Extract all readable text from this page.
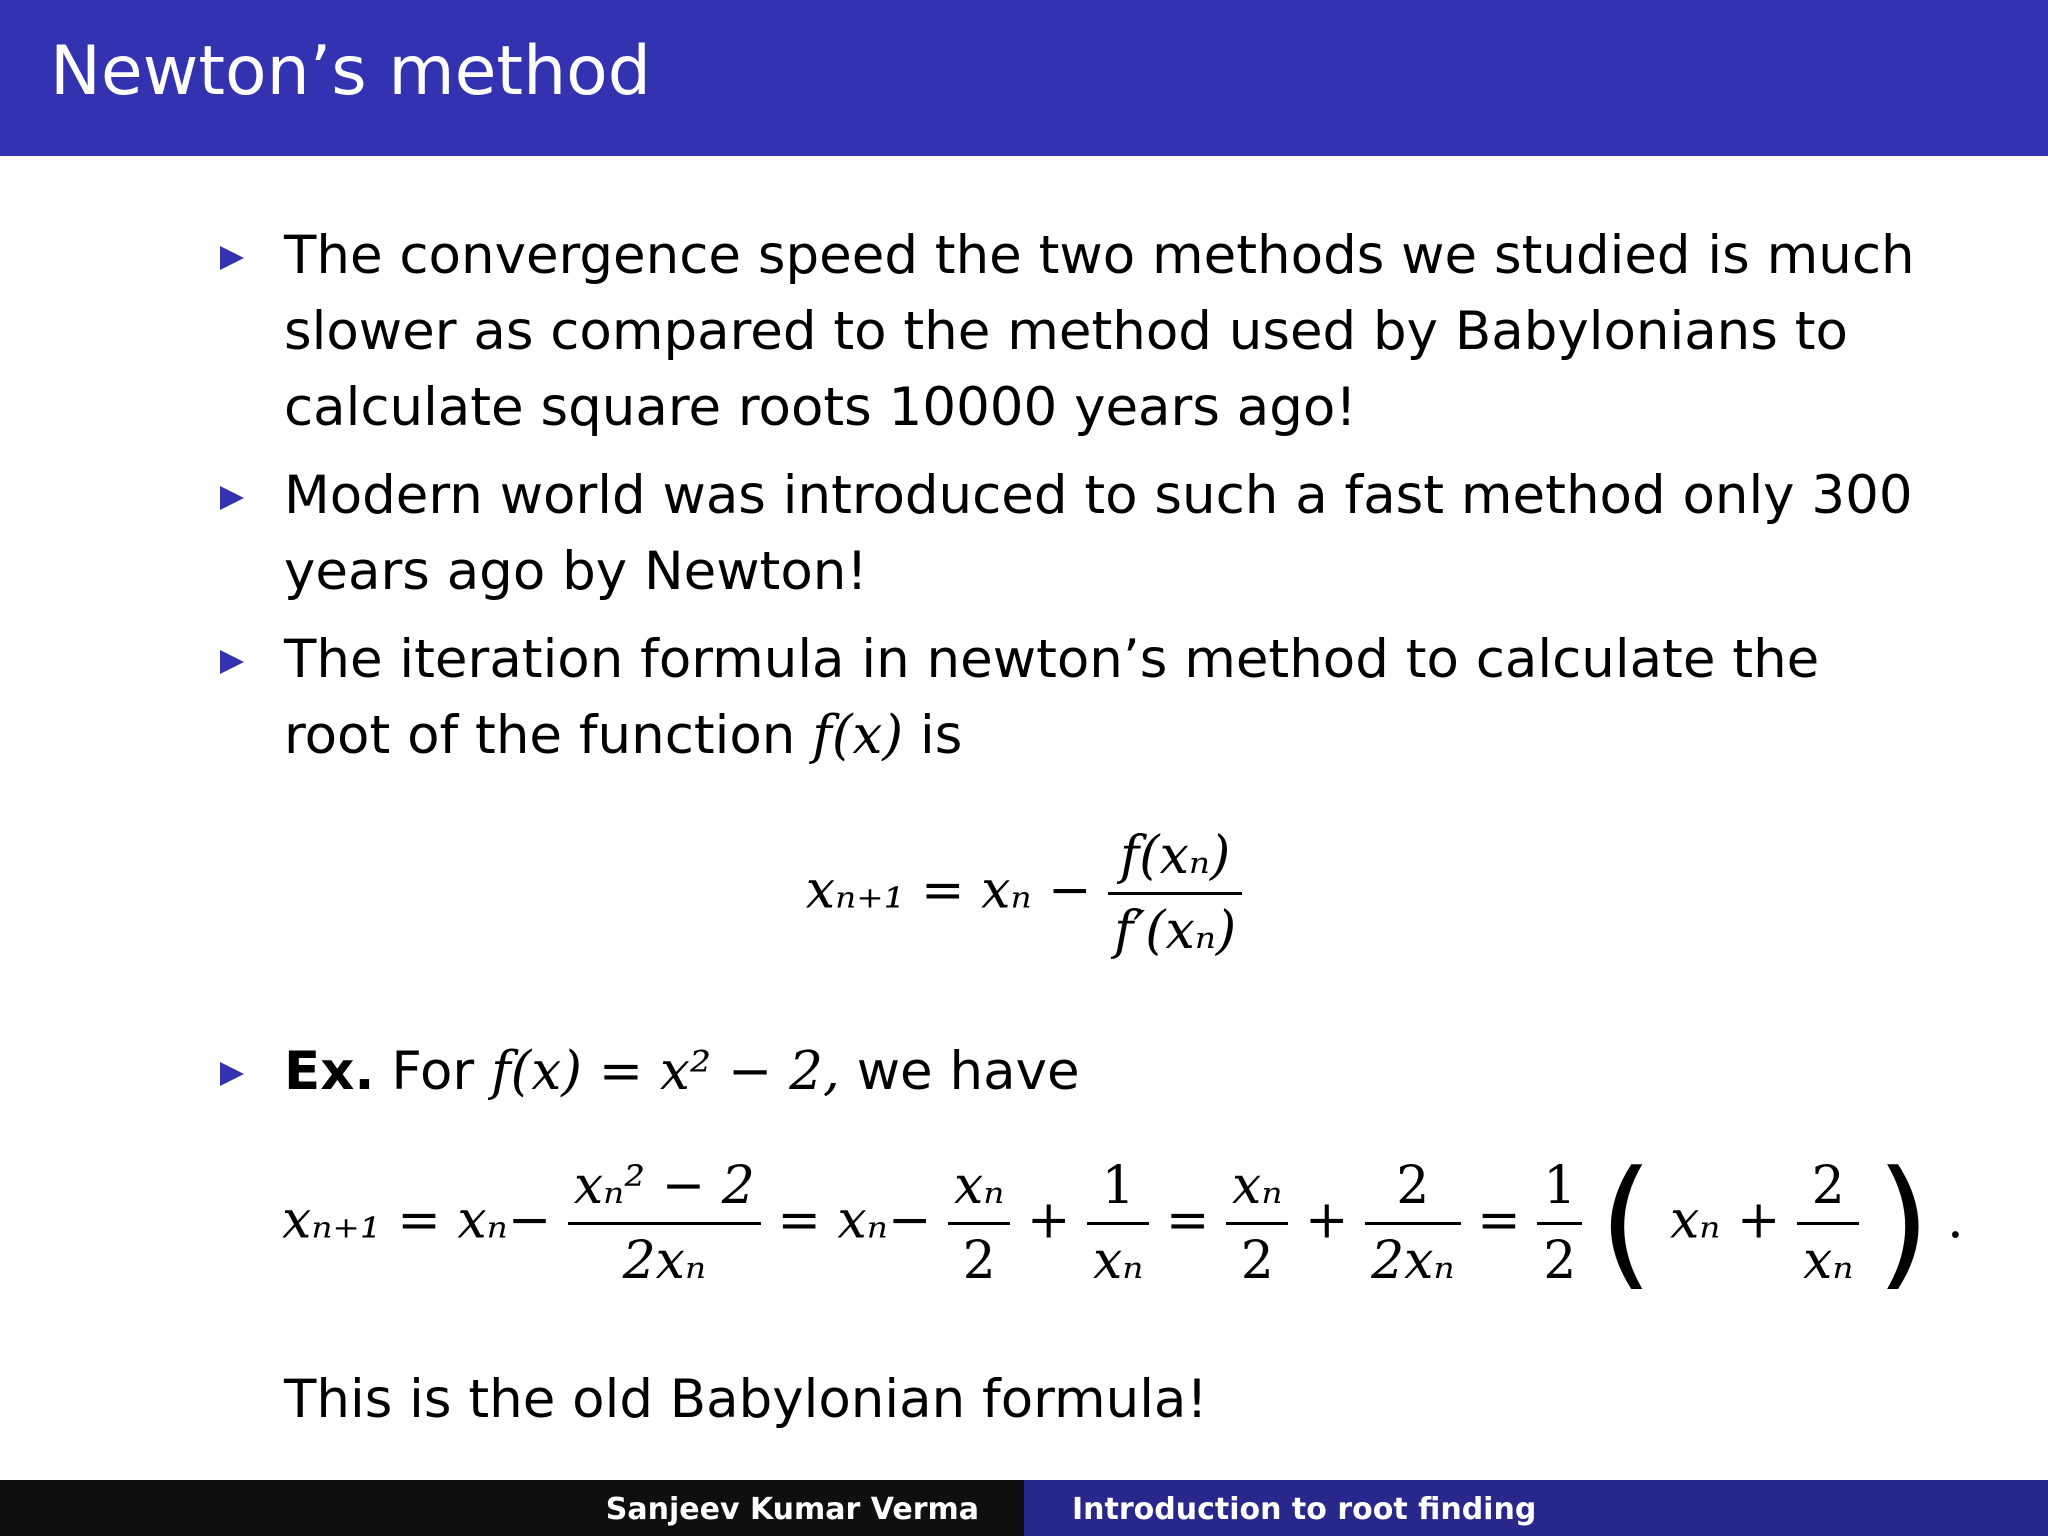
Newton’s method
The convergence speed the two methods we studied is much slower as compared to the method used by Babylonians to calculate square roots 10000 years ago!
Modern world was introduced to such a fast method only 300 years ago by Newton!
The iteration formula in newton’s method to calculate the root of the function f(x) is
$x_{n+1} = x_n - \frac{\text{f(xₙ)}}{\text{f′(xₙ)}}$
Ex. For f(x) = x² − 2, we have
$x_{n+1} = x_n- \frac{\text{xₙ² − 2}}{\text{2xₙ}} = x_n- \frac{\text{xₙ}}{2} + \frac{1}{\text{xₙ}} = \frac{\text{xₙ}}{2} + \frac{2}{\text{2xₙ}} = \frac{1}{2}$ ( $x_n + \frac{2}{\text{xₙ}}$ ) .
This is the old Babylonian formula!
Sanjeev Kumar Verma	Introduction to root finding
